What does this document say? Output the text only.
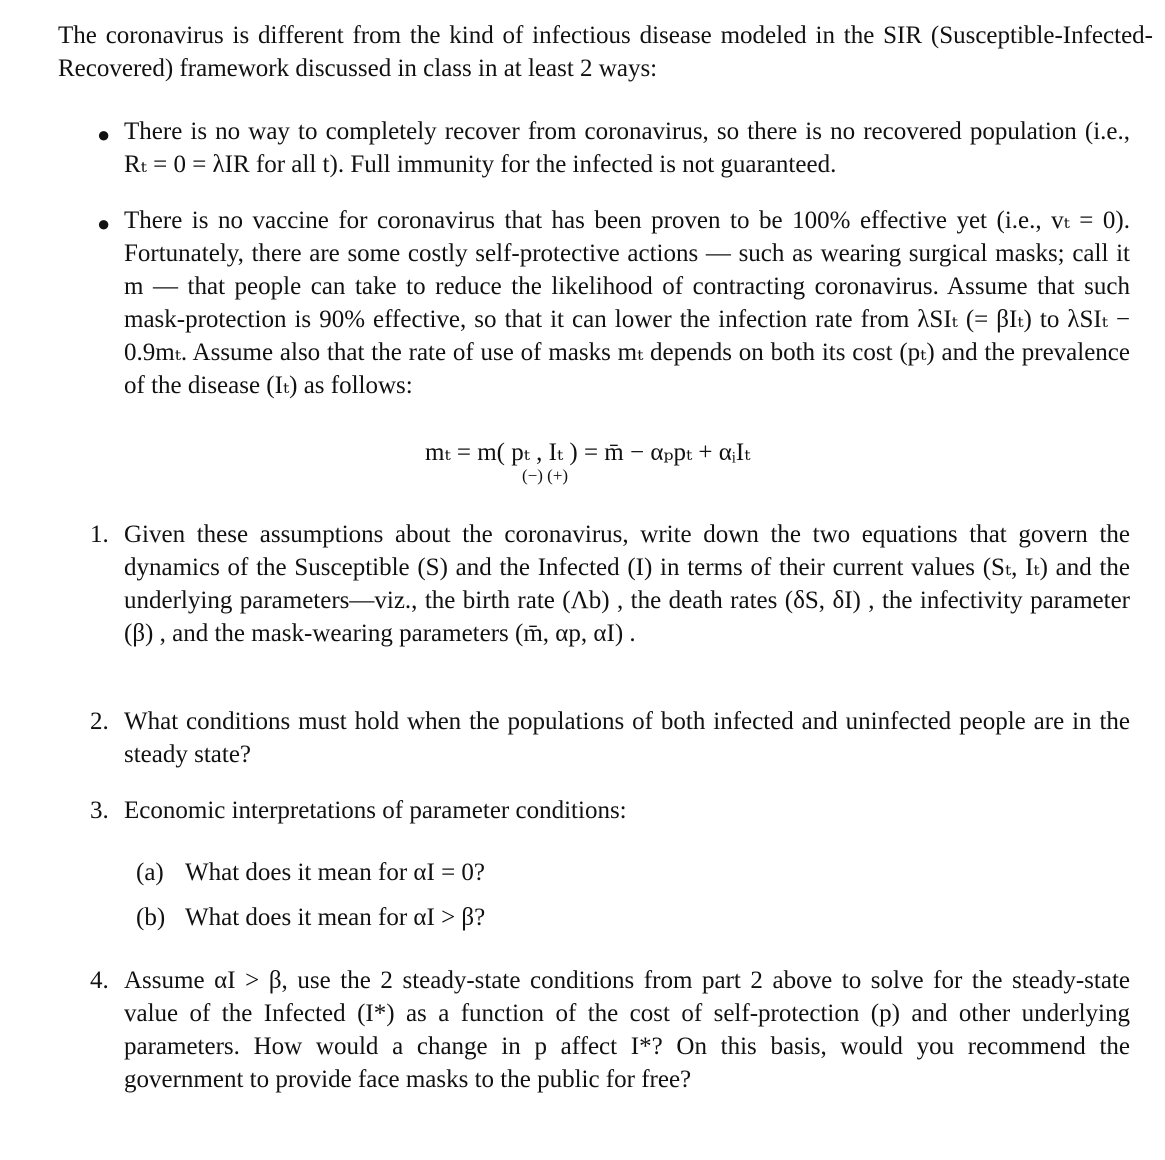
The coronavirus is different from the kind of infectious disease modeled in the SIR (Susceptible-Infected-Recovered) framework discussed in class in at least 2 ways:

● There is no way to completely recover from coronavirus, so there is no recovered population (i.e., Rₜ = 0 = λIR for all t). Full immunity for the infected is not guaranteed.

● There is no vaccine for coronavirus that has been proven to be 100% effective yet (i.e., vₜ = 0). Fortunately, there are some costly self-protective actions — such as wearing surgical masks; call it m — that people can take to reduce the likelihood of contracting coronavirus. Assume that such mask-protection is 90% effective, so that it can lower the infection rate from λSIₜ (= βIₜ) to λSIₜ − 0.9mₜ. Assume also that the rate of use of masks mₜ depends on both its cost (pₜ) and the prevalence of the disease (Iₜ) as follows:

mₜ = m( pₜ , Iₜ ) = m̄ − αₚpₜ + αᵢIₜ
(−) (+)
1. Given these assumptions about the coronavirus, write down the two equations that govern the dynamics of the Susceptible (S) and the Infected (I) in terms of their current values (Sₜ, Iₜ) and the underlying parameters—viz., the birth rate (Λb) , the death rates (δS, δI) , the infectivity parameter (β) , and the mask-wearing parameters (m̄, αp, αI) .

2. What conditions must hold when the populations of both infected and uninfected people are in the steady state?

3. Economic interpretations of parameter conditions:

(a) What does it mean for αI = 0?

(b) What does it mean for αI > β?

4. Assume αI > β, use the 2 steady-state conditions from part 2 above to solve for the steady-state value of the Infected (I*) as a function of the cost of self-protection (p) and other underlying parameters. How would a change in p affect I*? On this basis, would you recommend the government to provide face masks to the public for free?
